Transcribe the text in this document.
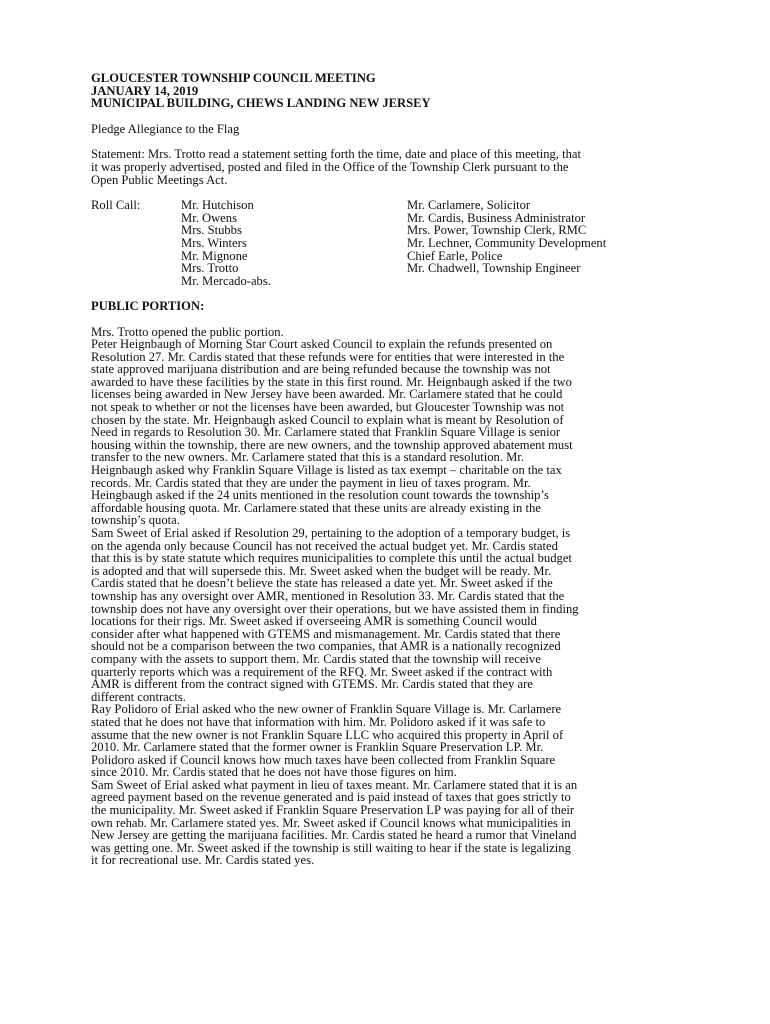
GLOUCESTER TOWNSHIP COUNCIL MEETING

JANUARY 14, 2019

MUNICIPAL BUILDING, CHEWS LANDING NEW JERSEY

Pledge Allegiance to the Flag

Statement: Mrs. Trotto read a statement setting forth the time, date and place of this meeting, that

it was properly advertised, posted and filed in the Office of the Township Clerk pursuant to the

Open Public Meetings Act.

Roll Call:	Mr. Hutchison
Mr. Owens
Mrs. Stubbs
Mrs. Winters
Mr. Mignone
Mrs. Trotto
Mr. Mercado-abs.
Mr. Carlamere, Solicitor
Mr. Cardis, Business Administrator
Mrs. Power, Township Clerk, RMC
Mr. Lechner, Community Development
Chief Earle, Police
Mr. Chadwell, Township Engineer

PUBLIC PORTION:

Mrs. Trotto opened the public portion.

Peter Heignbaugh of Morning Star Court asked Council to explain the refunds presented on

Resolution 27. Mr. Cardis stated that these refunds were for entities that were interested in the

state approved marijuana distribution and are being refunded because the township was not

awarded to have these facilities by the state in this first round. Mr. Heignbaugh asked if the two

licenses being awarded in New Jersey have been awarded. Mr. Carlamere stated that he could

not speak to whether or not the licenses have been awarded, but Gloucester Township was not

chosen by the state. Mr. Heignbaugh asked Council to explain what is meant by Resolution of

Need in regards to Resolution 30. Mr. Carlamere stated that Franklin Square Village is senior

housing within the township, there are new owners, and the township approved abatement must

transfer to the new owners. Mr. Carlamere stated that this is a standard resolution. Mr.

Heignbaugh asked why Franklin Square Village is listed as tax exempt – charitable on the tax

records. Mr. Cardis stated that they are under the payment in lieu of taxes program. Mr.

Heingbaugh asked if the 24 units mentioned in the resolution count towards the township’s

affordable housing quota. Mr. Carlamere stated that these units are already existing in the

township’s quota.

Sam Sweet of Erial asked if Resolution 29, pertaining to the adoption of a temporary budget, is

on the agenda only because Council has not received the actual budget yet. Mr. Cardis stated

that this is by state statute which requires municipalities to complete this until the actual budget

is adopted and that will supersede this. Mr. Sweet asked when the budget will be ready. Mr.

Cardis stated that he doesn’t believe the state has released a date yet. Mr. Sweet asked if the

township has any oversight over AMR, mentioned in Resolution 33. Mr. Cardis stated that the

township does not have any oversight over their operations, but we have assisted them in finding

locations for their rigs. Mr. Sweet asked if overseeing AMR is something Council would

consider after what happened with GTEMS and mismanagement. Mr. Cardis stated that there

should not be a comparison between the two companies, that AMR is a nationally recognized

company with the assets to support them. Mr. Cardis stated that the township will receive

quarterly reports which was a requirement of the RFQ. Mr. Sweet asked if the contract with

AMR is different from the contract signed with GTEMS. Mr. Cardis stated that they are

different contracts.

Ray Polidoro of Erial asked who the new owner of Franklin Square Village is. Mr. Carlamere

stated that he does not have that information with him. Mr. Polidoro asked if it was safe to

assume that the new owner is not Franklin Square LLC who acquired this property in April of

2010. Mr. Carlamere stated that the former owner is Franklin Square Preservation LP. Mr.

Polidoro asked if Council knows how much taxes have been collected from Franklin Square

since 2010. Mr. Cardis stated that he does not have those figures on him.

Sam Sweet of Erial asked what payment in lieu of taxes meant. Mr. Carlamere stated that it is an

agreed payment based on the revenue generated and is paid instead of taxes that goes strictly to

the municipality. Mr. Sweet asked if Franklin Square Preservation LP was paying for all of their

own rehab. Mr. Carlamere stated yes. Mr. Sweet asked if Council knows what municipalities in

New Jersey are getting the marijuana facilities. Mr. Cardis stated he heard a rumor that Vineland

was getting one. Mr. Sweet asked if the township is still waiting to hear if the state is legalizing

it for recreational use. Mr. Cardis stated yes.
